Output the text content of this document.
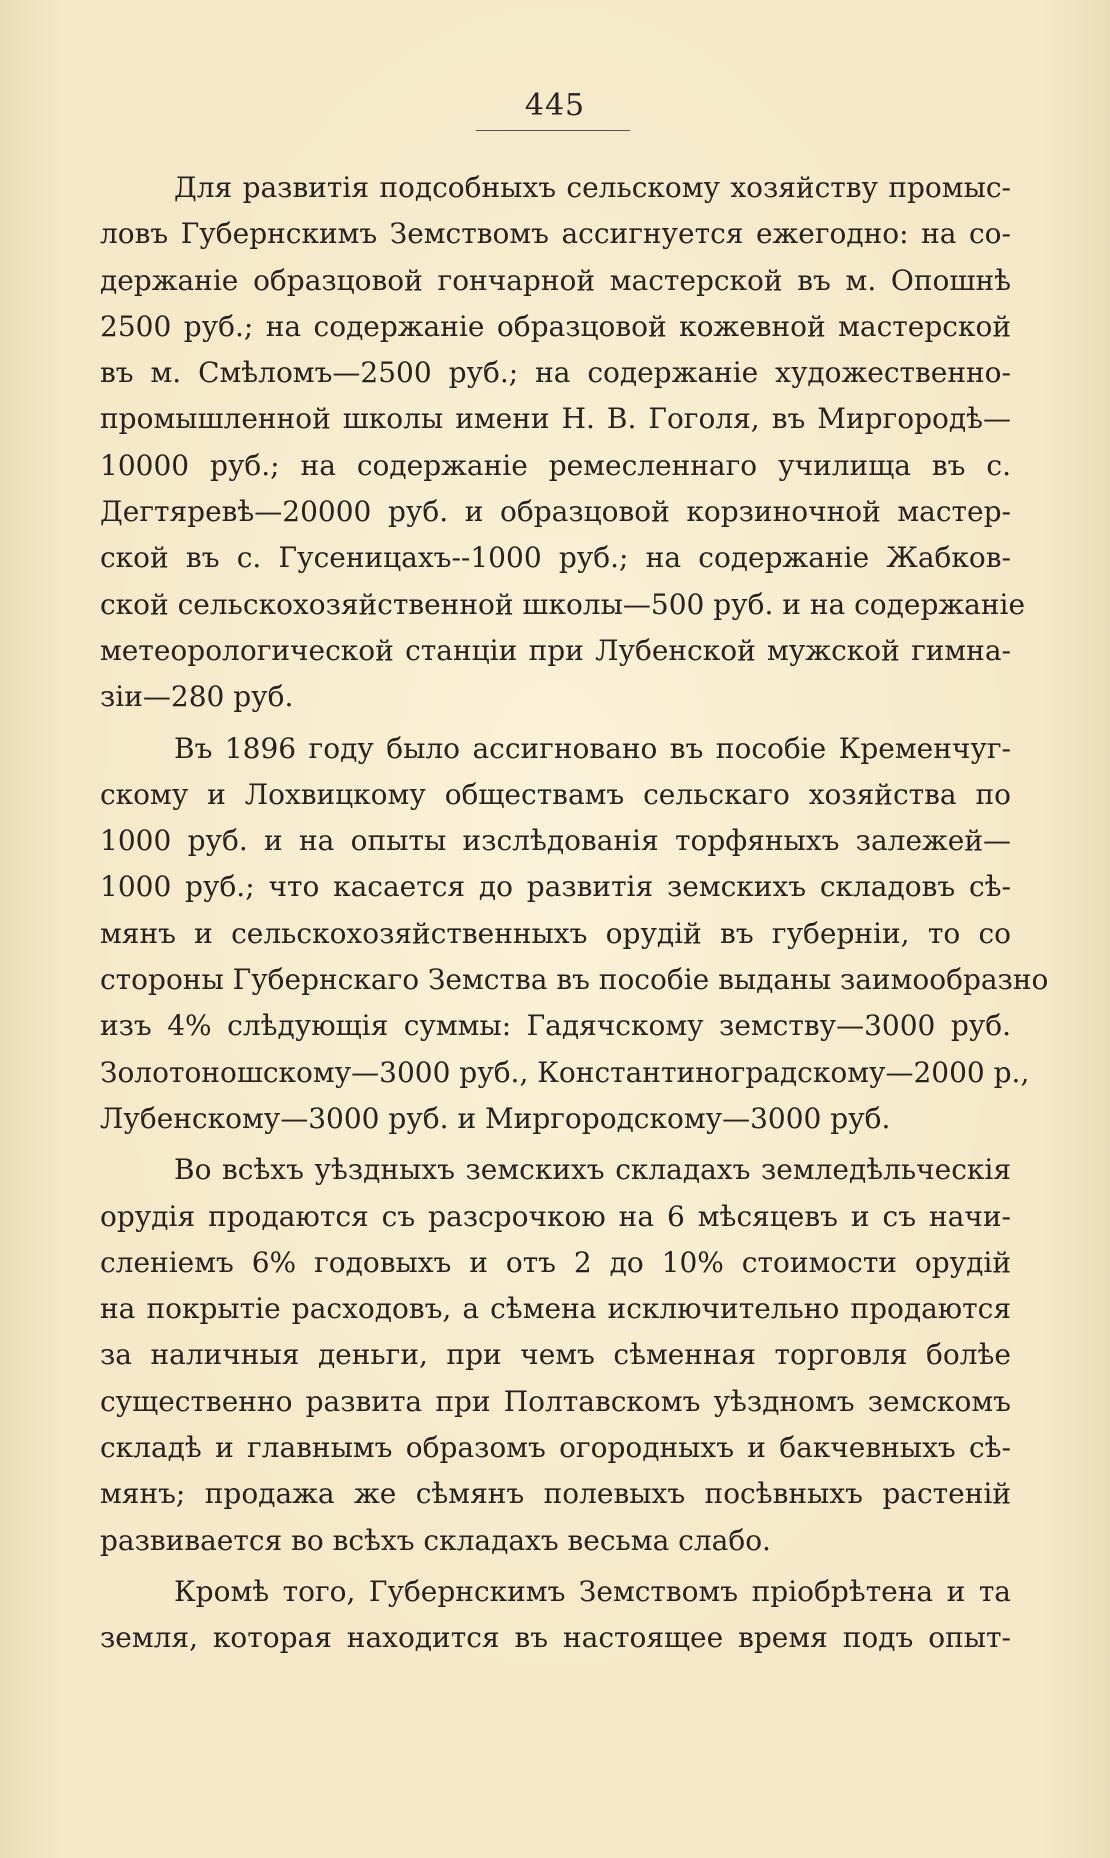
445
Для развитія подсобныхъ сельскому хозяйству промыс-
ловъ Губернскимъ Земствомъ ассигнуется ежегодно: на со-
держаніе образцовой гончарной мастерской въ м. Опошнѣ
2500 руб.; на содержаніе образцовой кожевной мастерской
въ м. Смѣломъ—2500 руб.; на содержаніе художественно-
промышленной школы имени Н. В. Гоголя, въ Миргородѣ—
10000 руб.; на содержаніе ремесленнаго училища въ с.
Дегтяревѣ—20000 руб. и образцовой корзиночной мастер-
ской въ с. Гусеницахъ--1000 руб.; на содержаніе Жабков-
ской сельскохозяйственной школы—500 руб. и на содержаніе
метеорологической станціи при Лубенской мужской гимна-
зіи—280 руб.
Въ 1896 году было ассигновано въ пособіе Кременчуг-
скому и Лохвицкому обществамъ сельскаго хозяйства по
1000 руб. и на опыты изслѣдованія торфяныхъ залежей—
1000 руб.; что касается до развитія земскихъ складовъ сѣ-
мянъ и сельскохозяйственныхъ орудій въ губерніи, то со
стороны Губернскаго Земства въ пособіе выданы заимообразно
изъ 4% слѣдующія суммы: Гадячскому земству—3000 руб.
Золотоношскому—3000 руб., Константиноградскому—2000 р.,
Лубенскому—3000 руб. и Миргородскому—3000 руб.
Во всѣхъ уѣздныхъ земскихъ складахъ земледѣльческія
орудія продаются съ разсрочкою на 6 мѣсяцевъ и съ начи-
сленіемъ 6% годовыхъ и отъ 2 до 10% стоимости орудій
на покрытіе расходовъ, а сѣмена исключительно продаются
за наличныя деньги, при чемъ сѣменная торговля болѣе
существенно развита при Полтавскомъ уѣздномъ земскомъ
складѣ и главнымъ образомъ огородныхъ и бакчевныхъ сѣ-
мянъ; продажа же сѣмянъ полевыхъ посѣвныхъ растеній
развивается во всѣхъ складахъ весьма слабо.
Кромѣ того, Губернскимъ Земствомъ пріобрѣтена и та
земля, которая находится въ настоящее время подъ опыт-
